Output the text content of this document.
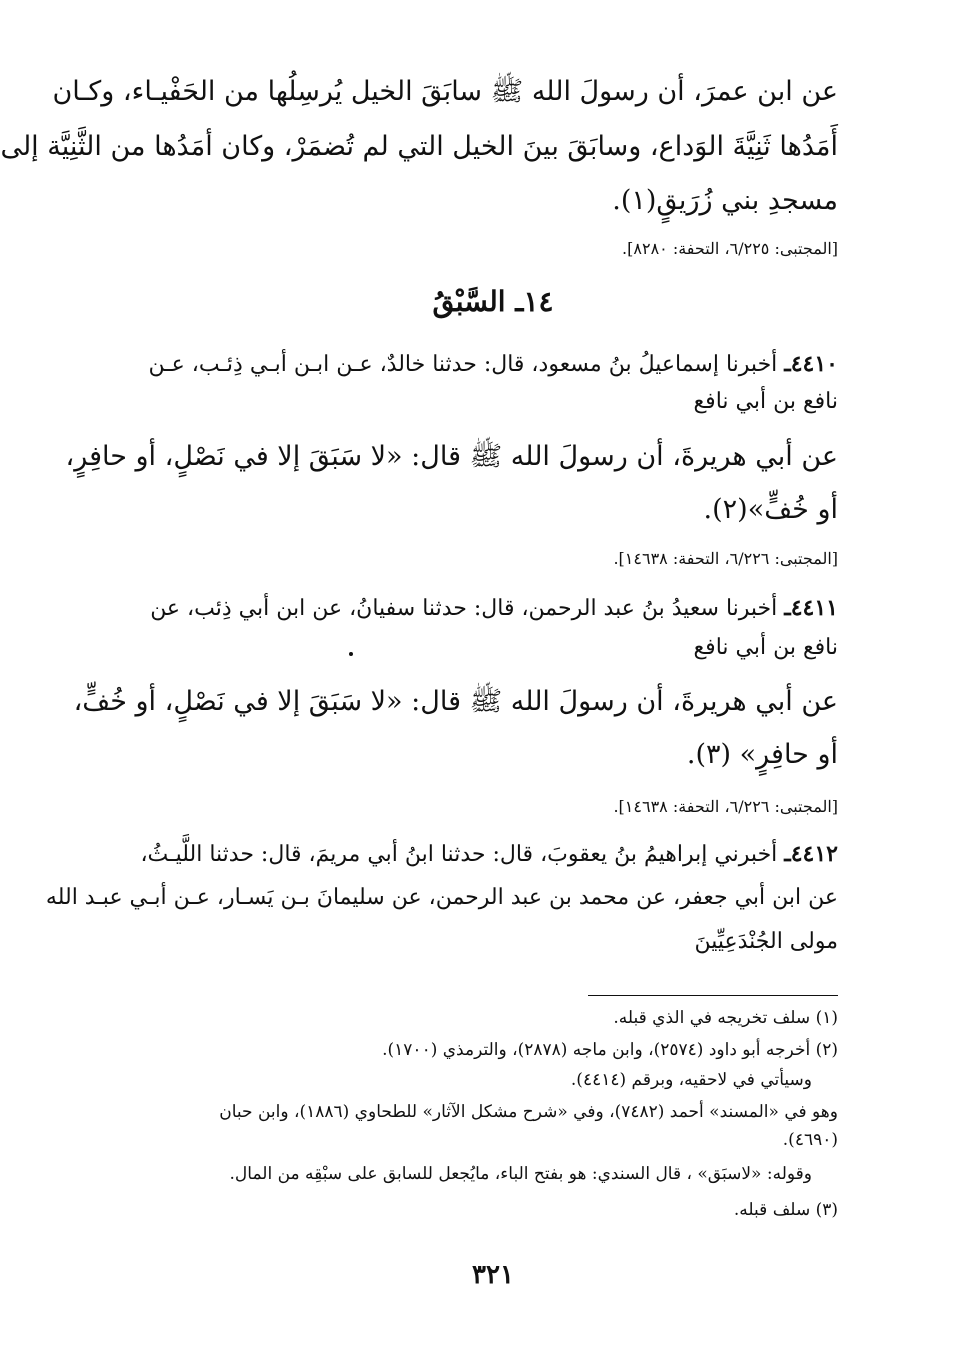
عن ابن عمرَ، أن رسولَ الله ﷺ سابَقَ الخيل يُرسِلُها من الحَفْيـاء، وكـان
أَمَدُها ثَنِيَّةَ الوَداع، وسابَقَ بينَ الخيل التي لم تُضمَرْ، وكان أمَدُها من الثَّنِيَّة إلى
مسجدِ بني زُرَيقٍ(١).
[المجتبى: ٦/٢٢٥، التحفة: ٨٢٨٠].
١٤ـ السَّبْقُ
٤٤١٠ـ أخبرنا إسماعيلُ بنُ مسعود، قال: حدثنا خالدٌ، عـن ابـن أبـي ذِئـب، عـن
نافع بن أبي نافع
عن أبي هريرةَ، أن رسولَ الله ﷺ قال: «لا سَبَقَ إلا في نَصْلٍ، أو حافِرٍ،
أو خُفٍّ»(٢).
[المجتبى: ٦/٢٢٦، التحفة: ١٤٦٣٨].
٤٤١١ـ أخبرنا سعيدُ بنُ عبد الرحمن، قال: حدثنا سفيانُ، عن ابن أبي ذِئب، عن
نافع بن أبي نافع
عن أبي هريرةَ، أن رسولَ الله ﷺ قال: «لا سَبَقَ إلا في نَصْلٍ، أو خُفٍّ،
أو حافِرٍ» (٣).
[المجتبى: ٦/٢٢٦، التحفة: ١٤٦٣٨].
٤٤١٢ـ أخبرني إبراهيمُ بنُ يعقوبَ، قال: حدثنا ابنُ أبي مريمَ، قال: حدثنا اللَّيـثُ،
عن ابن أبي جعفر، عن محمد بن عبد الرحمن، عن سليمانَ بـن يَسـار، عـن أبـي عبـد الله
مولى الجُنْدَعِيِّينَ
(١) سلف تخريجه في الذي قبله.
(٢) أخرجه أبو داود (٢٥٧٤)، وابن ماجه (٢٨٧٨)، والترمذي (١٧٠٠).
وسيأتي في لاحقيه، وبرقم (٤٤١٤).
وهو في «المسند» أحمد (٧٤٨٢)، وفي «شرح مشكل الآثار» للطحاوي (١٨٨٦)، وابن حبان
(٤٦٩٠).
وقوله: «لاسبَق» ، قال السندي: هو بفتح الباء، مايُجعل للسابق على سبْقِه من المال.
(٣) سلف قبله.
٣٢١
